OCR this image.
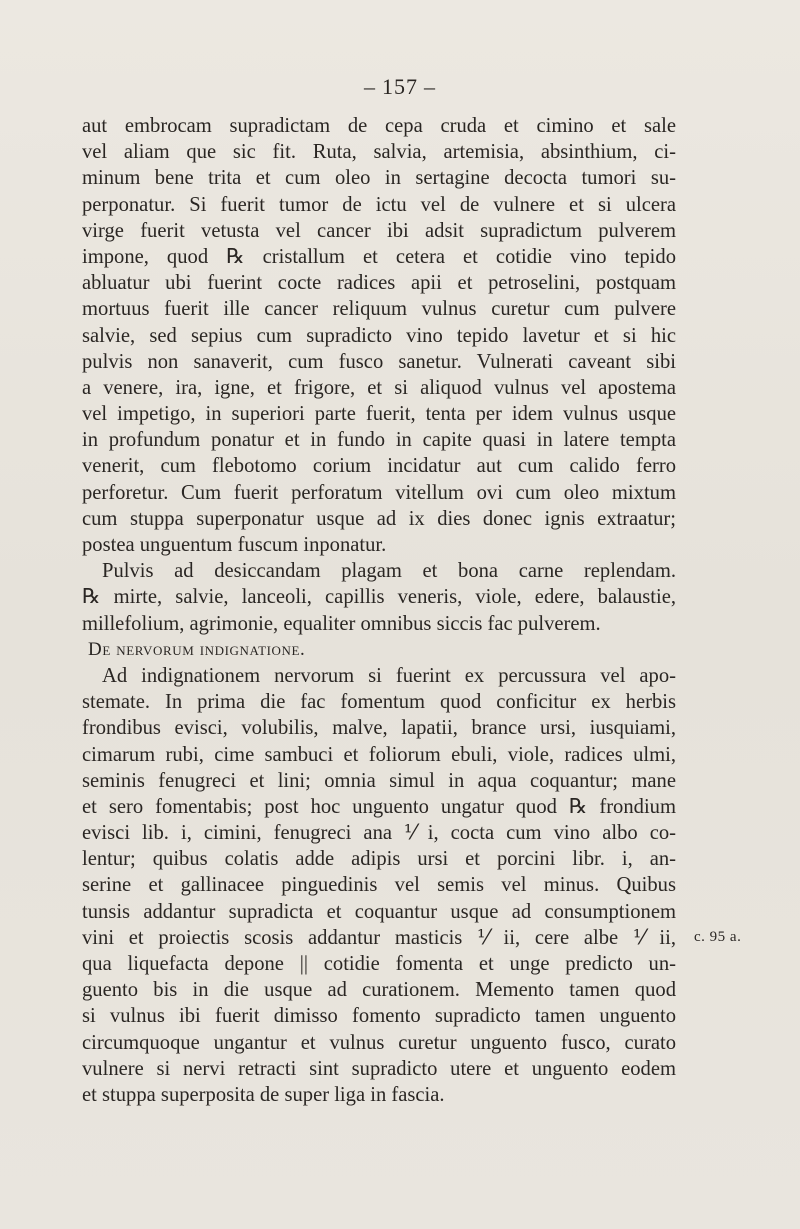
– 157 –
aut embrocam supradictam de cepa cruda et cimino et sale
vel aliam que sic fit. Ruta, salvia, artemisia, absinthium, ci-
minum bene trita et cum oleo in sertagine decocta tumori su-
perponatur. Si fuerit tumor de ictu vel de vulnere et si ulcera
virge fuerit vetusta vel cancer ibi adsit supradictum pulverem
impone, quod ℞ cristallum et cetera et cotidie vino tepido
abluatur ubi fuerint cocte radices apii et petroselini, postquam
mortuus fuerit ille cancer reliquum vulnus curetur cum pulvere
salvie, sed sepius cum supradicto vino tepido lavetur et si hic
pulvis non sanaverit, cum fusco sanetur. Vulnerati caveant sibi
a venere, ira, igne, et frigore, et si aliquod vulnus vel apostema
vel impetigo, in superiori parte fuerit, tenta per idem vulnus usque
in profundum ponatur et in fundo in capite quasi in latere tempta
venerit, cum flebotomo corium incidatur aut cum calido ferro
perforetur. Cum fuerit perforatum vitellum ovi cum oleo mixtum
cum stuppa superponatur usque ad ix dies donec ignis extraatur;
postea unguentum fuscum inponatur.
Pulvis ad desiccandam plagam et bona carne replendam.
℞ mirte, salvie, lanceoli, capillis veneris, viole, edere, balaustie,
millefolium, agrimonie, equaliter omnibus siccis fac pulverem.
De nervorum indignatione.
Ad indignationem nervorum si fuerint ex percussura vel apo-
stemate. In prima die fac fomentum quod conficitur ex herbis
frondibus evisci, volubilis, malve, lapatii, brance ursi, iusquiami,
cimarum rubi, cime sambuci et foliorum ebuli, viole, radices ulmi,
seminis fenugreci et lini; omnia simul in aqua coquantur; mane
et sero fomentabis; post hoc unguento ungatur quod ℞ frondium
evisci lib. i, cimini, fenugreci ana ⅟ i, cocta cum vino albo co-
lentur; quibus colatis adde adipis ursi et porcini libr. i, an-
serine et gallinacee pinguedinis vel semis vel minus. Quibus
tunsis addantur supradicta et coquantur usque ad consumptionem
vini et proiectis scosis addantur masticis ⅟ ii, cere albe ⅟ ii,
qua liquefacta depone || cotidie fomenta et unge predicto un-
guento bis in die usque ad curationem. Memento tamen quod
si vulnus ibi fuerit dimisso fomento supradicto tamen unguento
circumquoque ungantur et vulnus curetur unguento fusco, curato
vulnere si nervi retracti sint supradicto utere et unguento eodem
et stuppa superposita de super liga in fascia.
c. 95 a.
